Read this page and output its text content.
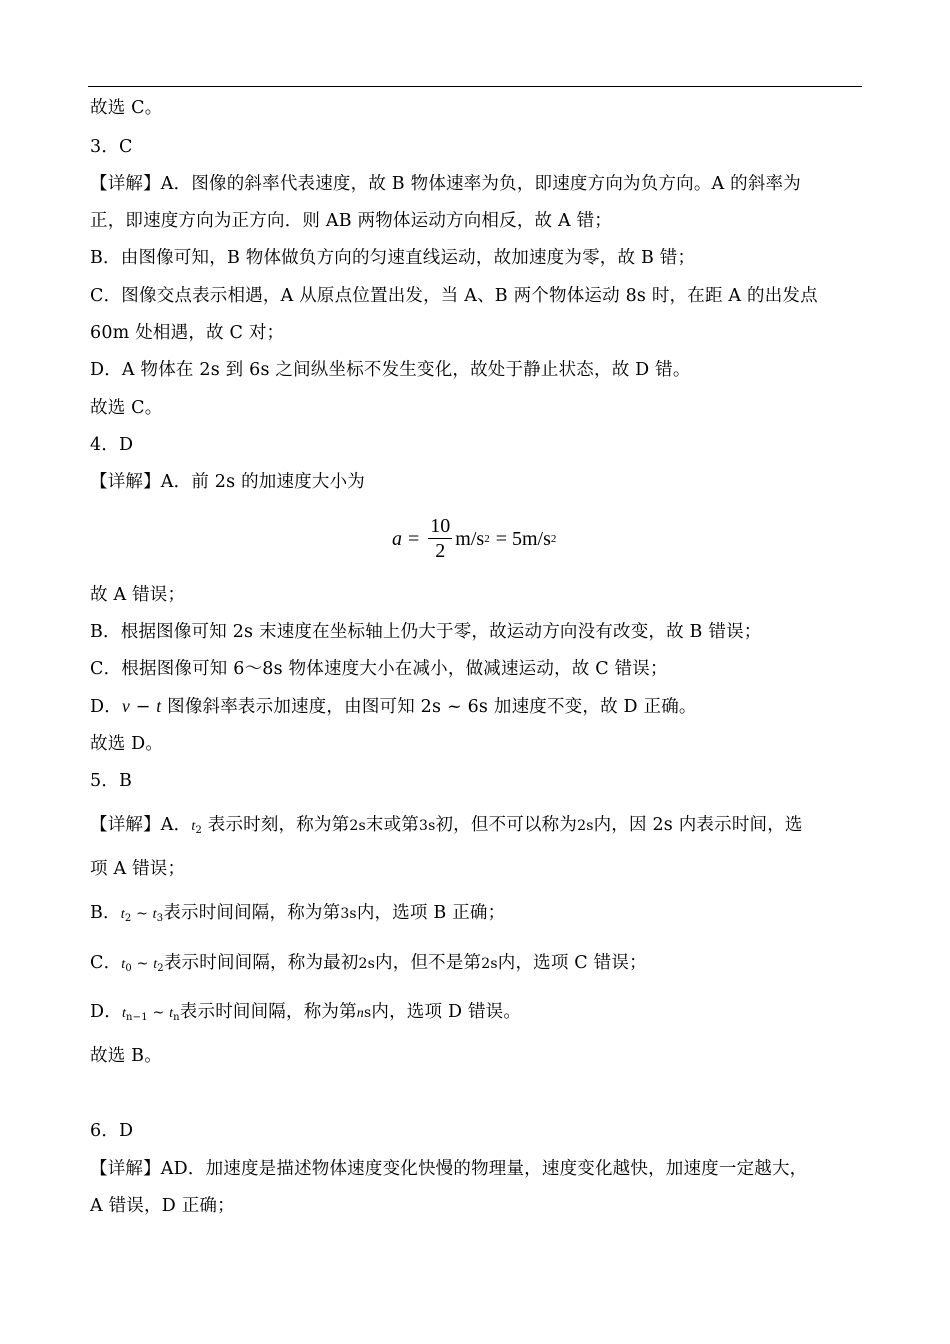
故选 C。
3．C
【详解】A．图像的斜率代表速度，故 B 物体速率为负，即速度方向为负方向。A 的斜率为
正，即速度方向为正方向．则 AB 两物体运动方向相反，故 A 错；
B．由图像可知，B 物体做负方向的匀速直线运动，故加速度为零，故 B 错；
C．图像交点表示相遇，A 从原点位置出发，当 A、B 两个物体运动 8s 时，在距 A 的出发点
60m 处相遇，故 C 对；
D．A 物体在 2s 到 6s 之间纵坐标不发生变化，故处于静止状态，故 D 错。
故选 C。
4．D
【详解】A．前 2s 的加速度大小为
$a = \frac{10}{2} m/s$ 2 = 5m/s 2
故 A 错误；
B．根据图像可知 2s 末速度在坐标轴上仍大于零，故运动方向没有改变，故 B 错误；
C．根据图像可知 6～8s 物体速度大小在减小，做减速运动，故 C 错误；
D．v − t 图像斜率表示加速度，由图可知 2s ~ 6s 加速度不变，故 D 正确。
故选 D。
5．B
【详解】A．$t_2$ 表示时刻，称为第2s末或第3s初，但不可以称为2s内，因 2s 内表示时间，选
项 A 错误；
B．$t_2$ ~ $t_3$表示时间间隔，称为第3s内，选项 B 正确；
C．$t_0$ ~ $t_2$表示时间间隔，称为最初2s内，但不是第2s内，选项 C 错误；
D．$t_{n-1}$ ~ $t_n$表示时间间隔，称为第ns内，选项 D 错误。
故选 B。
6．D
【详解】AD．加速度是描述物体速度变化快慢的物理量，速度变化越快，加速度一定越大，
A 错误，D 正确；
